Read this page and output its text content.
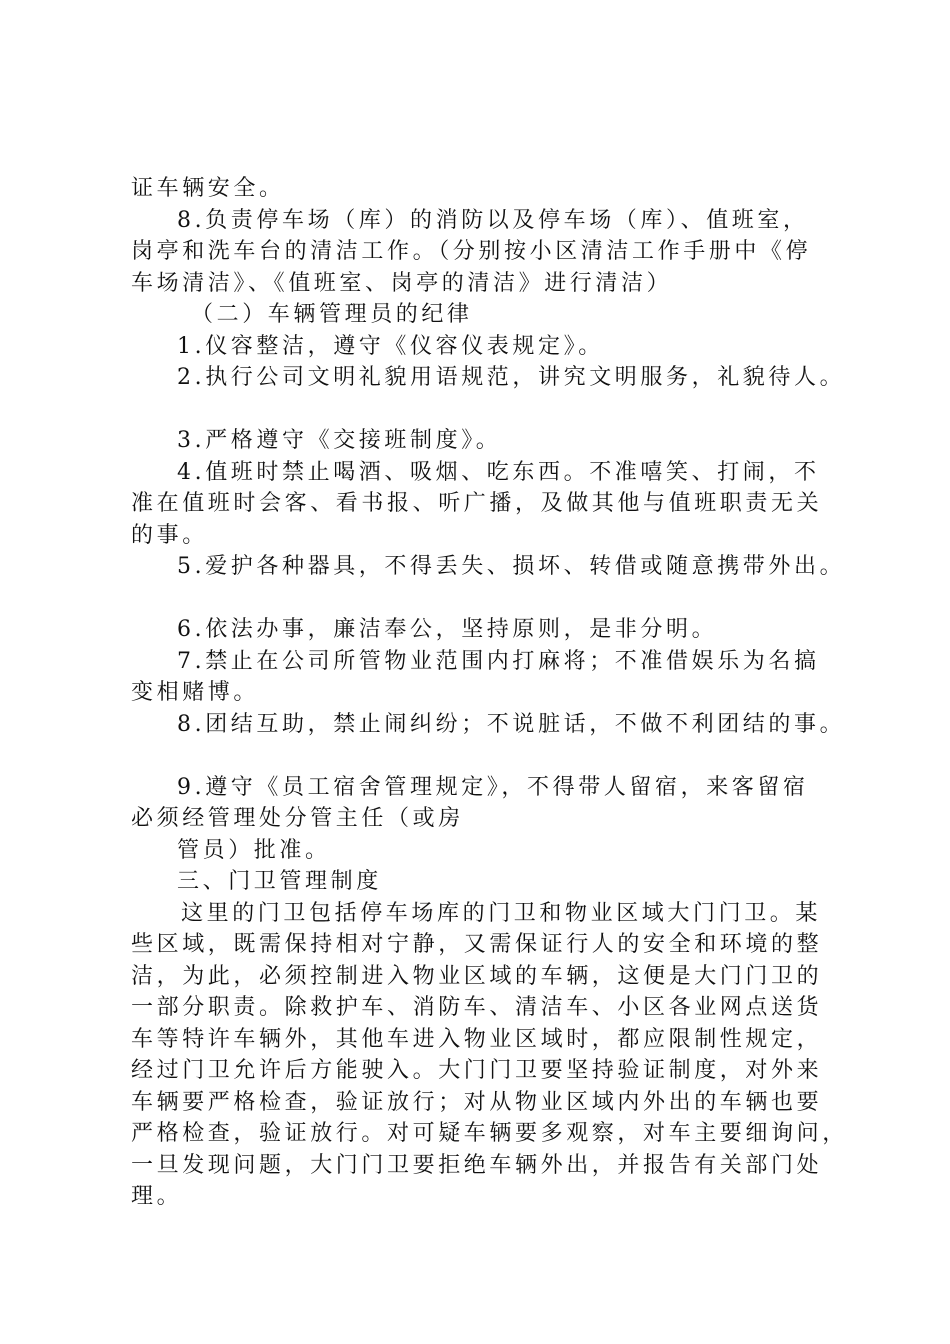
证车辆安全。
8.负责停车场（库）的消防以及停车场（库）、值班室，
岗亭和洗车台的清洁工作。（分别按小区清洁工作手册中《停
车场清洁》、《值班室、岗亭的清洁》进行清洁）
（二）车辆管理员的纪律
1.仪容整洁，遵守《仪容仪表规定》。
2.执行公司文明礼貌用语规范，讲究文明服务，礼貌待人。
3.严格遵守《交接班制度》。
4.值班时禁止喝酒、吸烟、吃东西。不准嘻笑、打闹，不
准在值班时会客、看书报、听广播，及做其他与值班职责无关
的事。
5.爱护各种器具，不得丢失、损坏、转借或随意携带外出。
6.依法办事，廉洁奉公，坚持原则，是非分明。
7.禁止在公司所管物业范围内打麻将；不准借娱乐为名搞
变相赌博。
8.团结互助，禁止闹纠纷；不说脏话，不做不利团结的事。
9.遵守《员工宿舍管理规定》，不得带人留宿，来客留宿
必须经管理处分管主任（或房
管员）批准。
三、门卫管理制度
这里的门卫包括停车场库的门卫和物业区域大门门卫。某
些区域，既需保持相对宁静，又需保证行人的安全和环境的整
洁，为此，必须控制进入物业区域的车辆，这便是大门门卫的
一部分职责。除救护车、消防车、清洁车、小区各业网点送货
车等特许车辆外，其他车进入物业区域时，都应限制性规定，
经过门卫允许后方能驶入。大门门卫要坚持验证制度，对外来
车辆要严格检查，验证放行；对从物业区域内外出的车辆也要
严格检查，验证放行。对可疑车辆要多观察，对车主要细询问，
一旦发现问题，大门门卫要拒绝车辆外出，并报告有关部门处
理。
